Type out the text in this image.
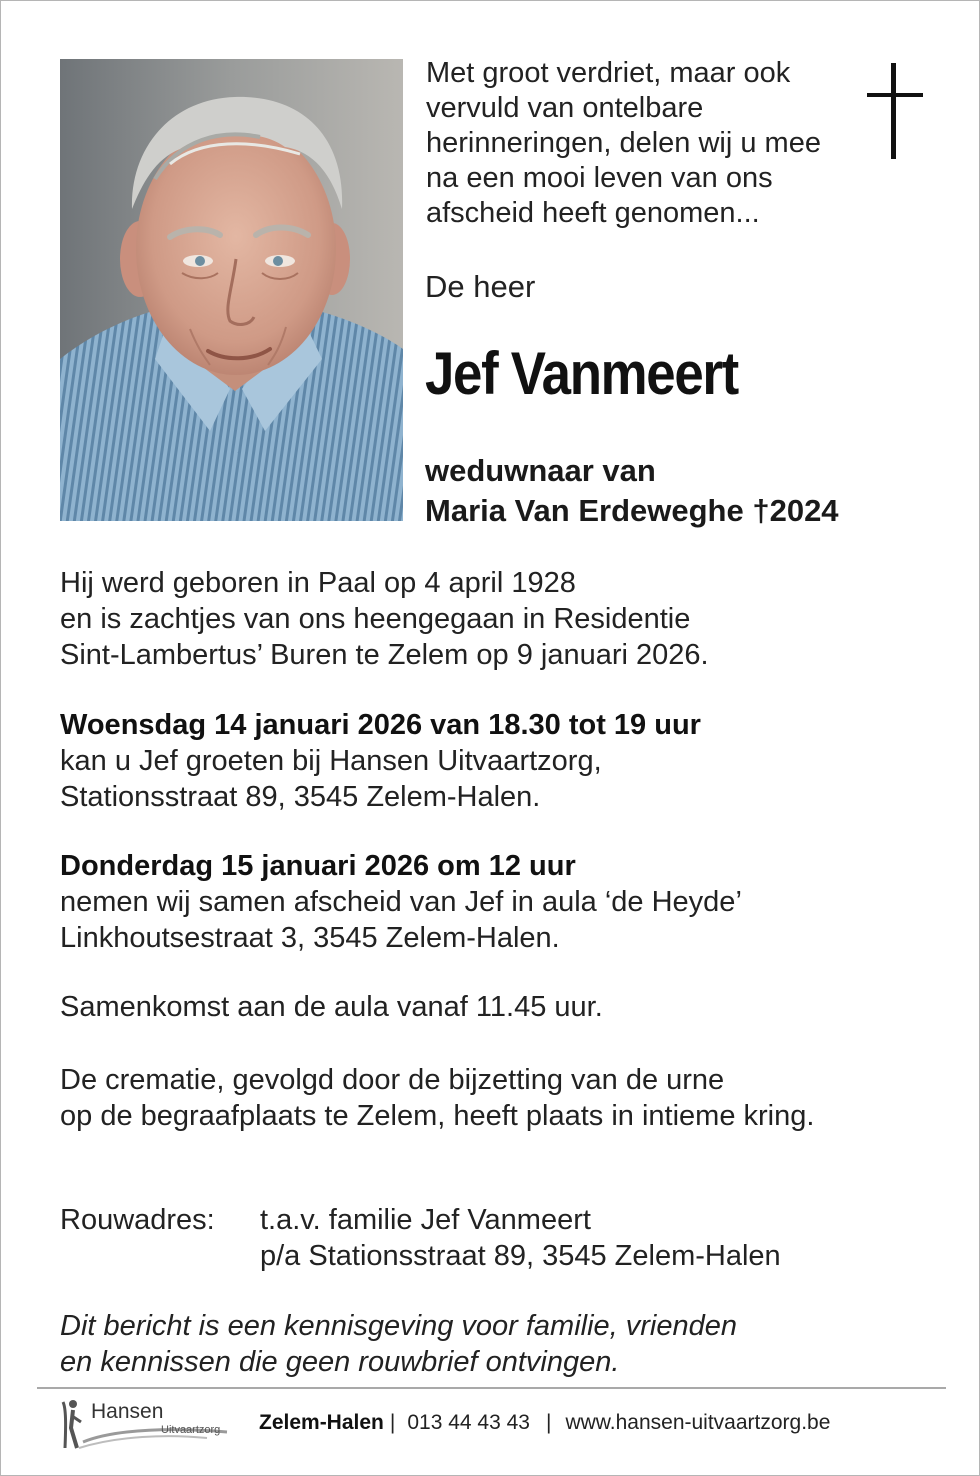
Met groot verdriet, maar ook
vervuld van ontelbare
herinneringen, delen wij u mee
na een mooi leven van ons
afscheid heeft genomen...
De heer
Jef Vanmeert
weduwnaar van
Maria Van Erdeweghe †2024
Hij werd geboren in Paal op 4 april 1928
en is zachtjes van ons heengegaan in Residentie
Sint-Lambertus’ Buren te Zelem op 9 januari 2026.
Woensdag 14 januari 2026 van 18.30 tot 19 uur
kan u Jef groeten bij Hansen Uitvaartzorg,
Stationsstraat 89, 3545 Zelem-Halen.
Donderdag 15 januari 2026 om 12 uur
nemen wij samen afscheid van Jef in aula ‘de Heyde’
Linkhoutsestraat 3, 3545 Zelem-Halen.
Samenkomst aan de aula vanaf 11.45 uur.
De crematie, gevolgd door de bijzetting van de urne
op de begraafplaats te Zelem, heeft plaats in intieme kring.
Rouwadres: t.a.v. familie Jef Vanmeert
p/a Stationsstraat 89, 3545 Zelem-Halen
Dit bericht is een kennisgeving voor familie, vrienden
en kennissen die geen rouwbrief ontvingen.
Hansen
Uitvaartzorg Zelem-Halen | 013 44 43 43 | www.hansen-uitvaartzorg.be
